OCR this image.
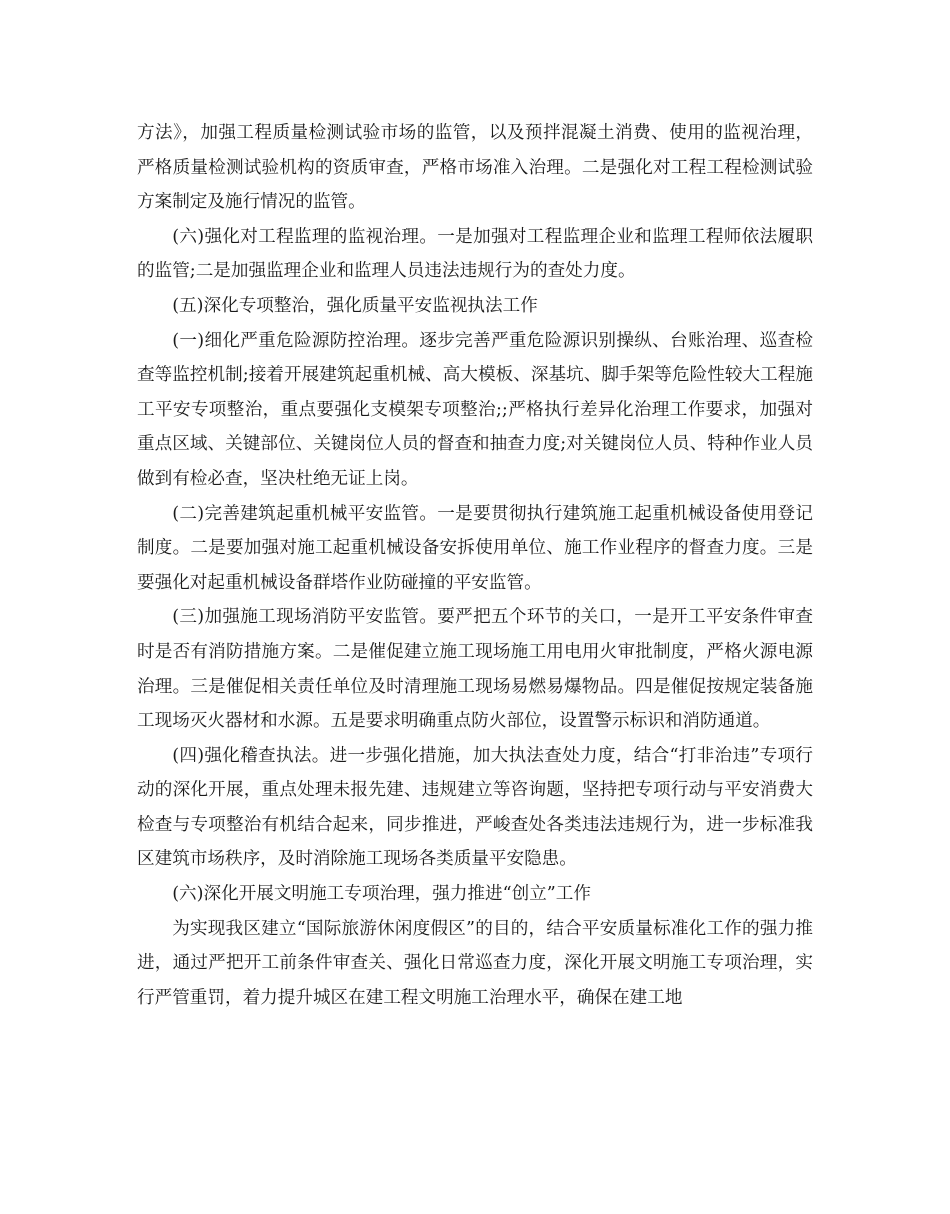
方法》，加强工程质量检测试验市场的监管，以及预拌混凝土消费、使用的监视治理，严格质量检测试验机构的资质审查，严格市场准入治理。二是强化对工程工程检测试验方案制定及施行情况的监管。

(六)强化对工程监理的监视治理。一是加强对工程监理企业和监理工程师依法履职的监管;二是加强监理企业和监理人员违法违规行为的查处力度。

(五)深化专项整治，强化质量平安监视执法工作

(一)细化严重危险源防控治理。逐步完善严重危险源识别操纵、台账治理、巡查检查等监控机制;接着开展建筑起重机械、高大模板、深基坑、脚手架等危险性较大工程施工平安专项整治，重点要强化支模架专项整治;;严格执行差异化治理工作要求，加强对重点区域、关键部位、关键岗位人员的督查和抽查力度;对关键岗位人员、特种作业人员做到有检必查，坚决杜绝无证上岗。

(二)完善建筑起重机械平安监管。一是要贯彻执行建筑施工起重机械设备使用登记制度。二是要加强对施工起重机械设备安拆使用单位、施工作业程序的督查力度。三是要强化对起重机械设备群塔作业防碰撞的平安监管。

(三)加强施工现场消防平安监管。要严把五个环节的关口，一是开工平安条件审查时是否有消防措施方案。二是催促建立施工现场施工用电用火审批制度，严格火源电源治理。三是催促相关责任单位及时清理施工现场易燃易爆物品。四是催促按规定装备施工现场灭火器材和水源。五是要求明确重点防火部位，设置警示标识和消防通道。

(四)强化稽查执法。进一步强化措施，加大执法查处力度，结合“打非治违”专项行动的深化开展，重点处理未报先建、违规建立等咨询题，坚持把专项行动与平安消费大检查与专项整治有机结合起来，同步推进，严峻查处各类违法违规行为，进一步标准我区建筑市场秩序，及时消除施工现场各类质量平安隐患。

(六)深化开展文明施工专项治理，强力推进“创立”工作

为实现我区建立“国际旅游休闲度假区”的目的，结合平安质量标准化工作的强力推进，通过严把开工前条件审查关、强化日常巡查力度，深化开展文明施工专项治理，实行严管重罚，着力提升城区在建工程文明施工治理水平，确保在建工地
